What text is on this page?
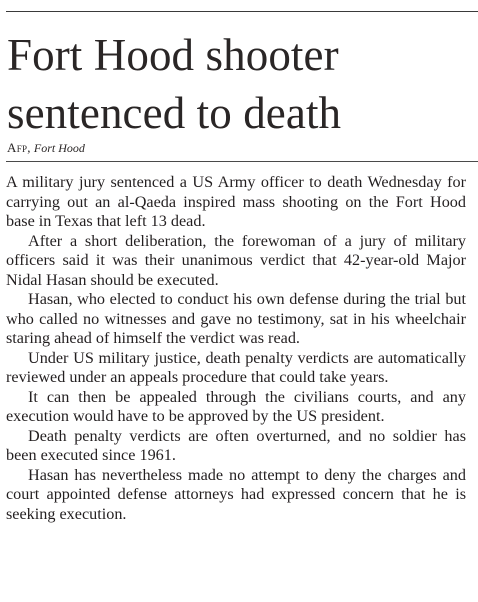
Fort Hood shooter
sentenced to death
Afp, Fort Hood

A military jury sentenced a US Army officer to death Wednesday for carrying out an al-Qaeda inspired mass shooting on the Fort Hood base in Texas that left 13 dead.

After a short deliberation, the forewoman of a jury of military officers said it was their unanimous verdict that 42-year-old Major Nidal Hasan should be executed.

Hasan, who elected to conduct his own defense during the trial but who called no witnesses and gave no testimony, sat in his wheelchair staring ahead of himself the verdict was read.

Under US military justice, death penalty verdicts are automatically reviewed under an appeals procedure that could take years.

It can then be appealed through the civilians courts, and any execution would have to be approved by the US president.

Death penalty verdicts are often overturned, and no soldier has been executed since 1961.

Hasan has nevertheless made no attempt to deny the charges and court appointed defense attorneys had expressed concern that he is seeking execution.
